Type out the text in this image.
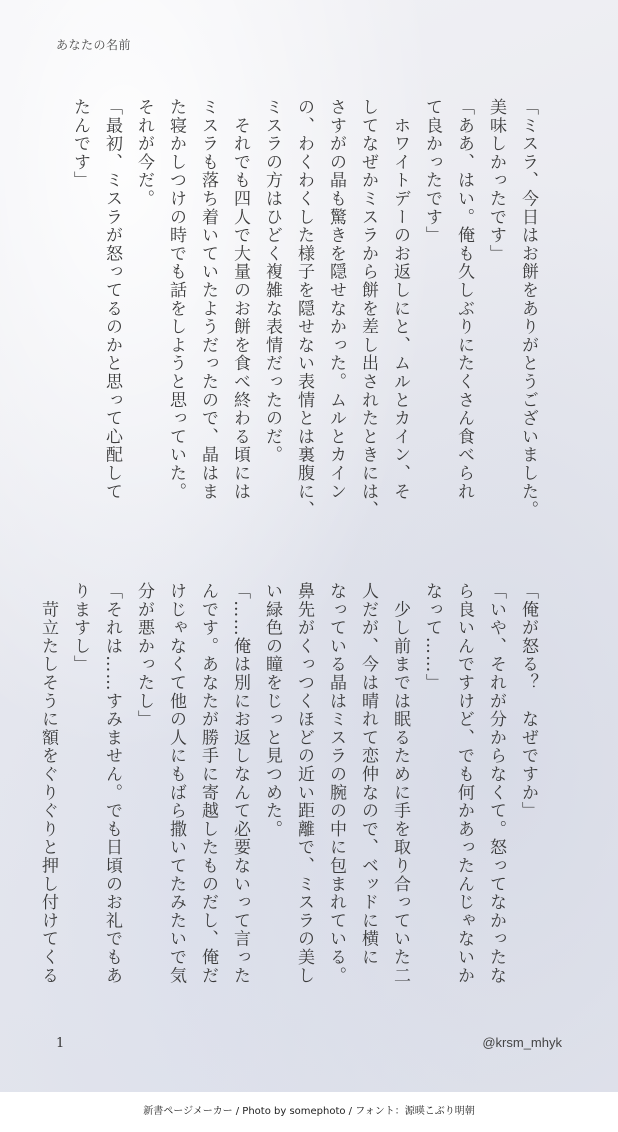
あなたの名前

「ミスラ、今日はお餅をありがとうございました。

美味しかったです」

「ああ、はい。俺も久しぶりにたくさん食べられ

て良かったです」

　ホワイトデーのお返しにと、ムルとカイン、そ

してなぜかミスラから餅を差し出されたときには、

さすがの晶も驚きを隠せなかった。ムルとカイン

の、わくわくした様子を隠せない表情とは裏腹に、

ミスラの方はひどく複雑な表情だったのだ。

　それでも四人で大量のお餅を食べ終わる頃には

ミスラも落ち着いていたようだったので、晶はま

た寝かしつけの時でも話をしようと思っていた。

それが今だ。

「最初、ミスラが怒ってるのかと思って心配して

たんです」

「俺が怒る？　なぜですか」

「いや、それが分からなくて。怒ってなかったな

ら良いんですけど、でも何かあったんじゃないか

なって……」

　少し前までは眠るために手を取り合っていた二

人だが、今は晴れて恋仲なので、ベッドに横に

なっている晶はミスラの腕の中に包まれている。

鼻先がくっつくほどの近い距離で、ミスラの美し

い緑色の瞳をじっと見つめた。

「……俺は別にお返しなんて必要ないって言った

んです。あなたが勝手に寄越したものだし、俺だ

けじゃなくて他の人にもばら撒いてたみたいで気

分が悪かったし」

「それは……すみません。でも日頃のお礼でもあ

りますし」

　苛立たしそうに額をぐりぐりと押し付けてくる

1	@krsm_mhyk
新書ページメーカー / Photo by somephoto / フォント：源暎こぶり明朝
